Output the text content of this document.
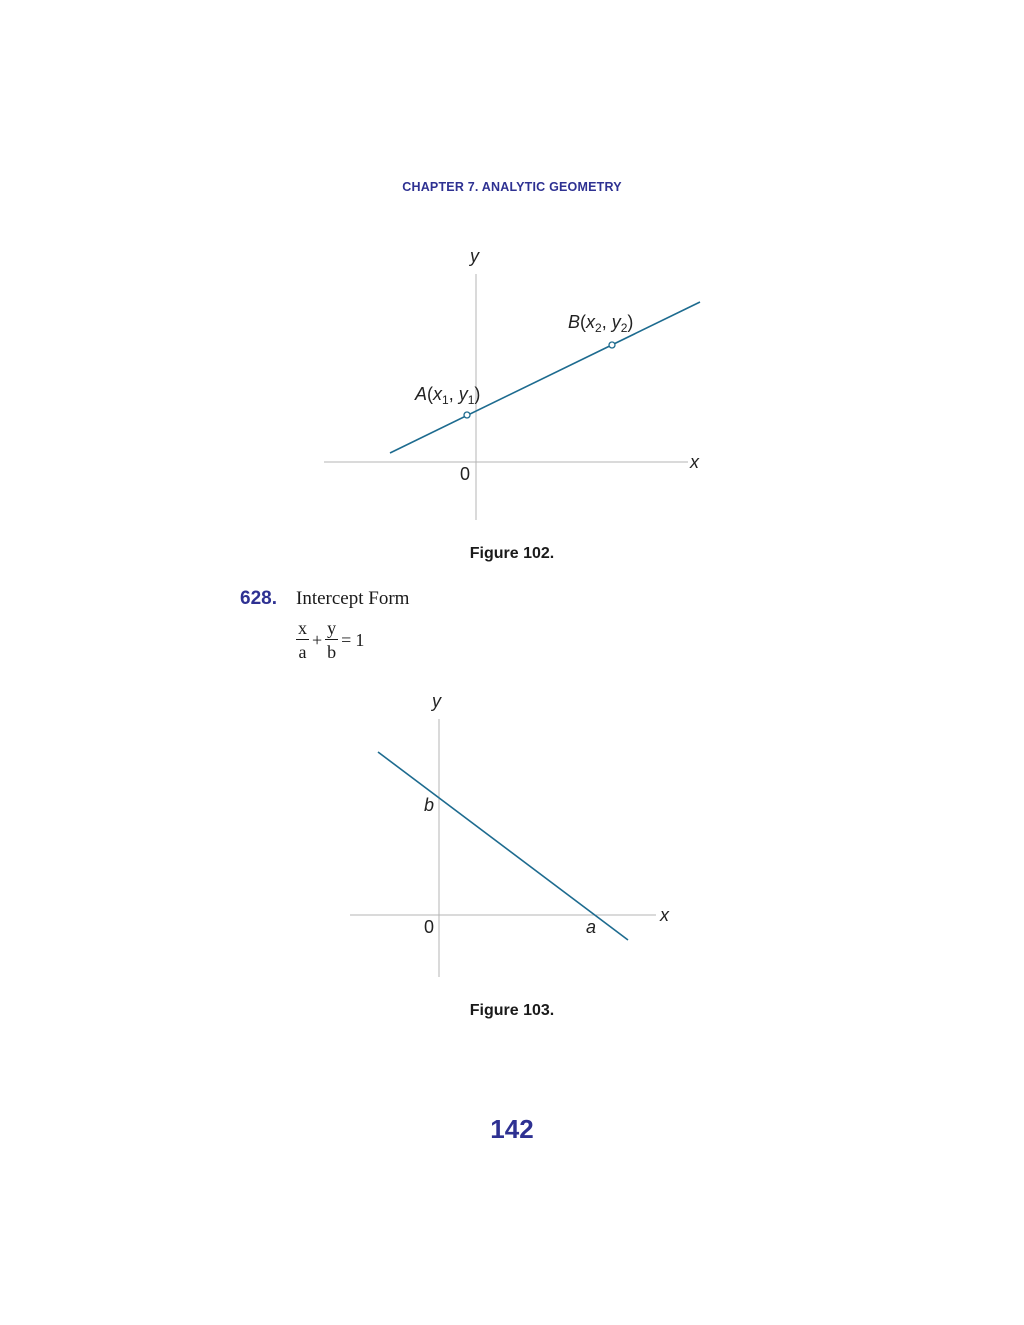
CHAPTER 7. ANALYTIC GEOMETRY
y
x
0
$A(x_1$, $y_1$)
$B(x_2$, $y_2$)
Figure 102.
628. Intercept Form
$\frac{x}{a} + \frac{y}{b} = 1$
y
x
0
b
a
Figure 103.
142
